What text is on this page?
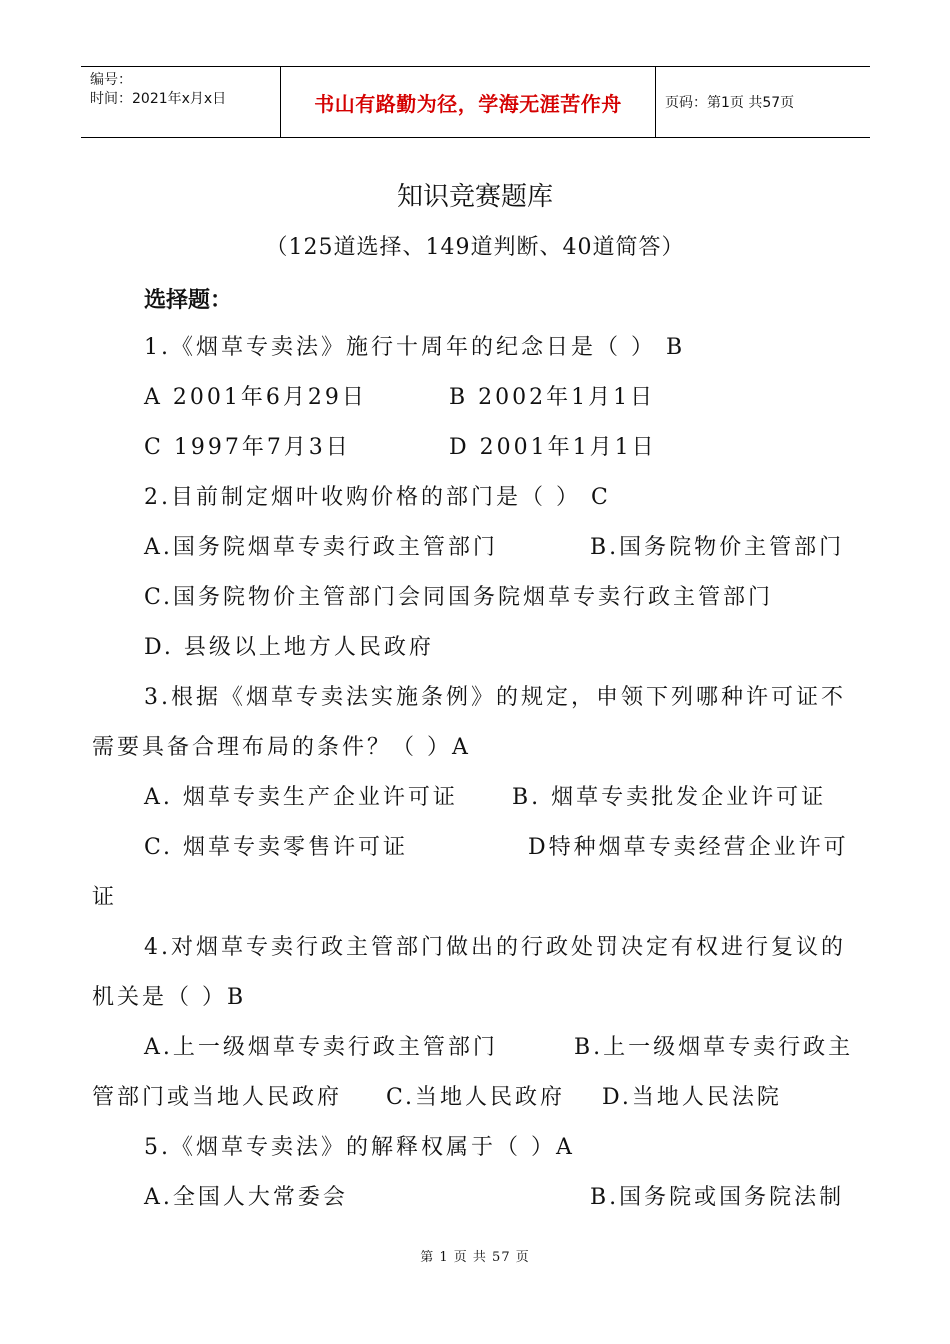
编号：
时间：2021年x月x日	书山有路勤为径，学海无涯苦作舟	页码：第1页 共57页
知识竞赛题库
（125道选择、149道判断、40道简答）
选择题：
1.《烟草专卖法》施行十周年的纪念日是（ ） B
A 2001年6月29日	B 2002年1月1日
C 1997年7月3日	D 2001年1月1日
2.目前制定烟叶收购价格的部门是（ ） C
A.国务院烟草专卖行政主管部门	B.国务院物价主管部门
C.国务院物价主管部门会同国务院烟草专卖行政主管部门
D. 县级以上地方人民政府
3.根据《烟草专卖法实施条例》的规定，申领下列哪种许可证不
需要具备合理布局的条件？（ ）A
A. 烟草专卖生产企业许可证 B. 烟草专卖批发企业许可证
C. 烟草专卖零售许可证	D特种烟草专卖经营企业许可
证
4.对烟草专卖行政主管部门做出的行政处罚决定有权进行复议的
机关是（ ）B
A.上一级烟草专卖行政主管部门	B.上一级烟草专卖行政主
管部门或当地人民政府 C.当地人民政府 D.当地人民法院
5.《烟草专卖法》的解释权属于（ ）A
A.全国人大常委会	B.国务院或国务院法制
第 1 页 共 57 页
